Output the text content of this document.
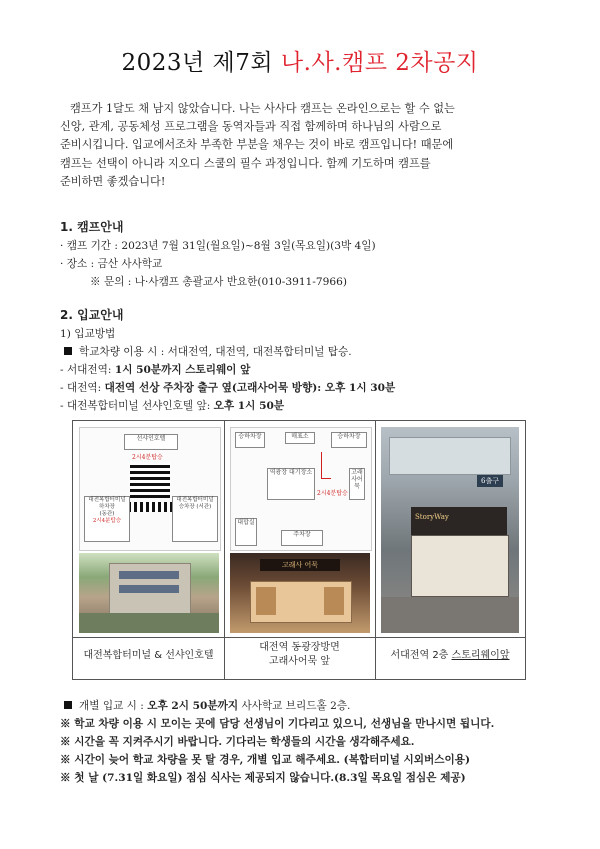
2023년 제7회 나.사.캠프 2차공지

캠프가 1달도 채 남지 않았습니다. 나는 사사다 캠프는 온라인으로는 할 수 없는

신앙, 관계, 공동체성 프로그램을 동역자들과 직접 함께하며 하나님의 사람으로

준비시킵니다. 입교에서조차 부족한 부분을 채우는 것이 바로 캠프입니다! 때문에

캠프는 선택이 아니라 지오디 스쿨의 필수 과정입니다. 함께 기도하며 캠프를

준비하면 좋겠습니다!

1. 캠프안내
· 캠프 기간 : 2023년 7월 31일(월요일)~8월 3일(목요일)(3박 4일)
· 장소 : 금산 사사학교
※ 문의 : 나·사캠프 총괄교사 반요한(010-3911-7966)
2. 입교안내
1) 입교방법
학교차량 이용 시 : 서대전역, 대전역, 대전복합터미널 탑승.
- 서대전역: 1시 50분까지 스토리웨이 앞
- 대전역: 대전역 선상 주차장 출구 옆(고래사어묵 방향): 오후 1시 30분
- 대전복합터미널 선샤인호텔 앞: 오후 1시 50분
선샤인호텔
2시4분탑승
대전복합터미널 하차장
(동관)
2시4분탑승
대전복합터미널 승차장 (서관)
대전복합터미널 & 선샤인호텔
승하차장	매표소	승하차장
역광장 대기장소
2시4분탑승
고래사어묵
대합실
주차장
고래사 어묵
대전역 동광장방면
고래사어묵 앞
6출구
StoryWay
서대전역 2층 스토리웨이앞
개별 입교 시 : 오후 2시 50분까지 사사학교 브리드홀 2층.
※ 학교 차량 이용 시 모이는 곳에 담당 선생님이 기다리고 있으니, 선생님을 만나시면 됩니다.
※ 시간을 꼭 지켜주시기 바랍니다. 기다리는 학생들의 시간을 생각해주세요.
※ 시간이 늦어 학교 차량을 못 탈 경우, 개별 입교 해주세요. (복합터미널 시외버스이용)
※ 첫 날 (7.31일 화요일) 점심 식사는 제공되지 않습니다.(8.3일 목요일 점심은 제공)
